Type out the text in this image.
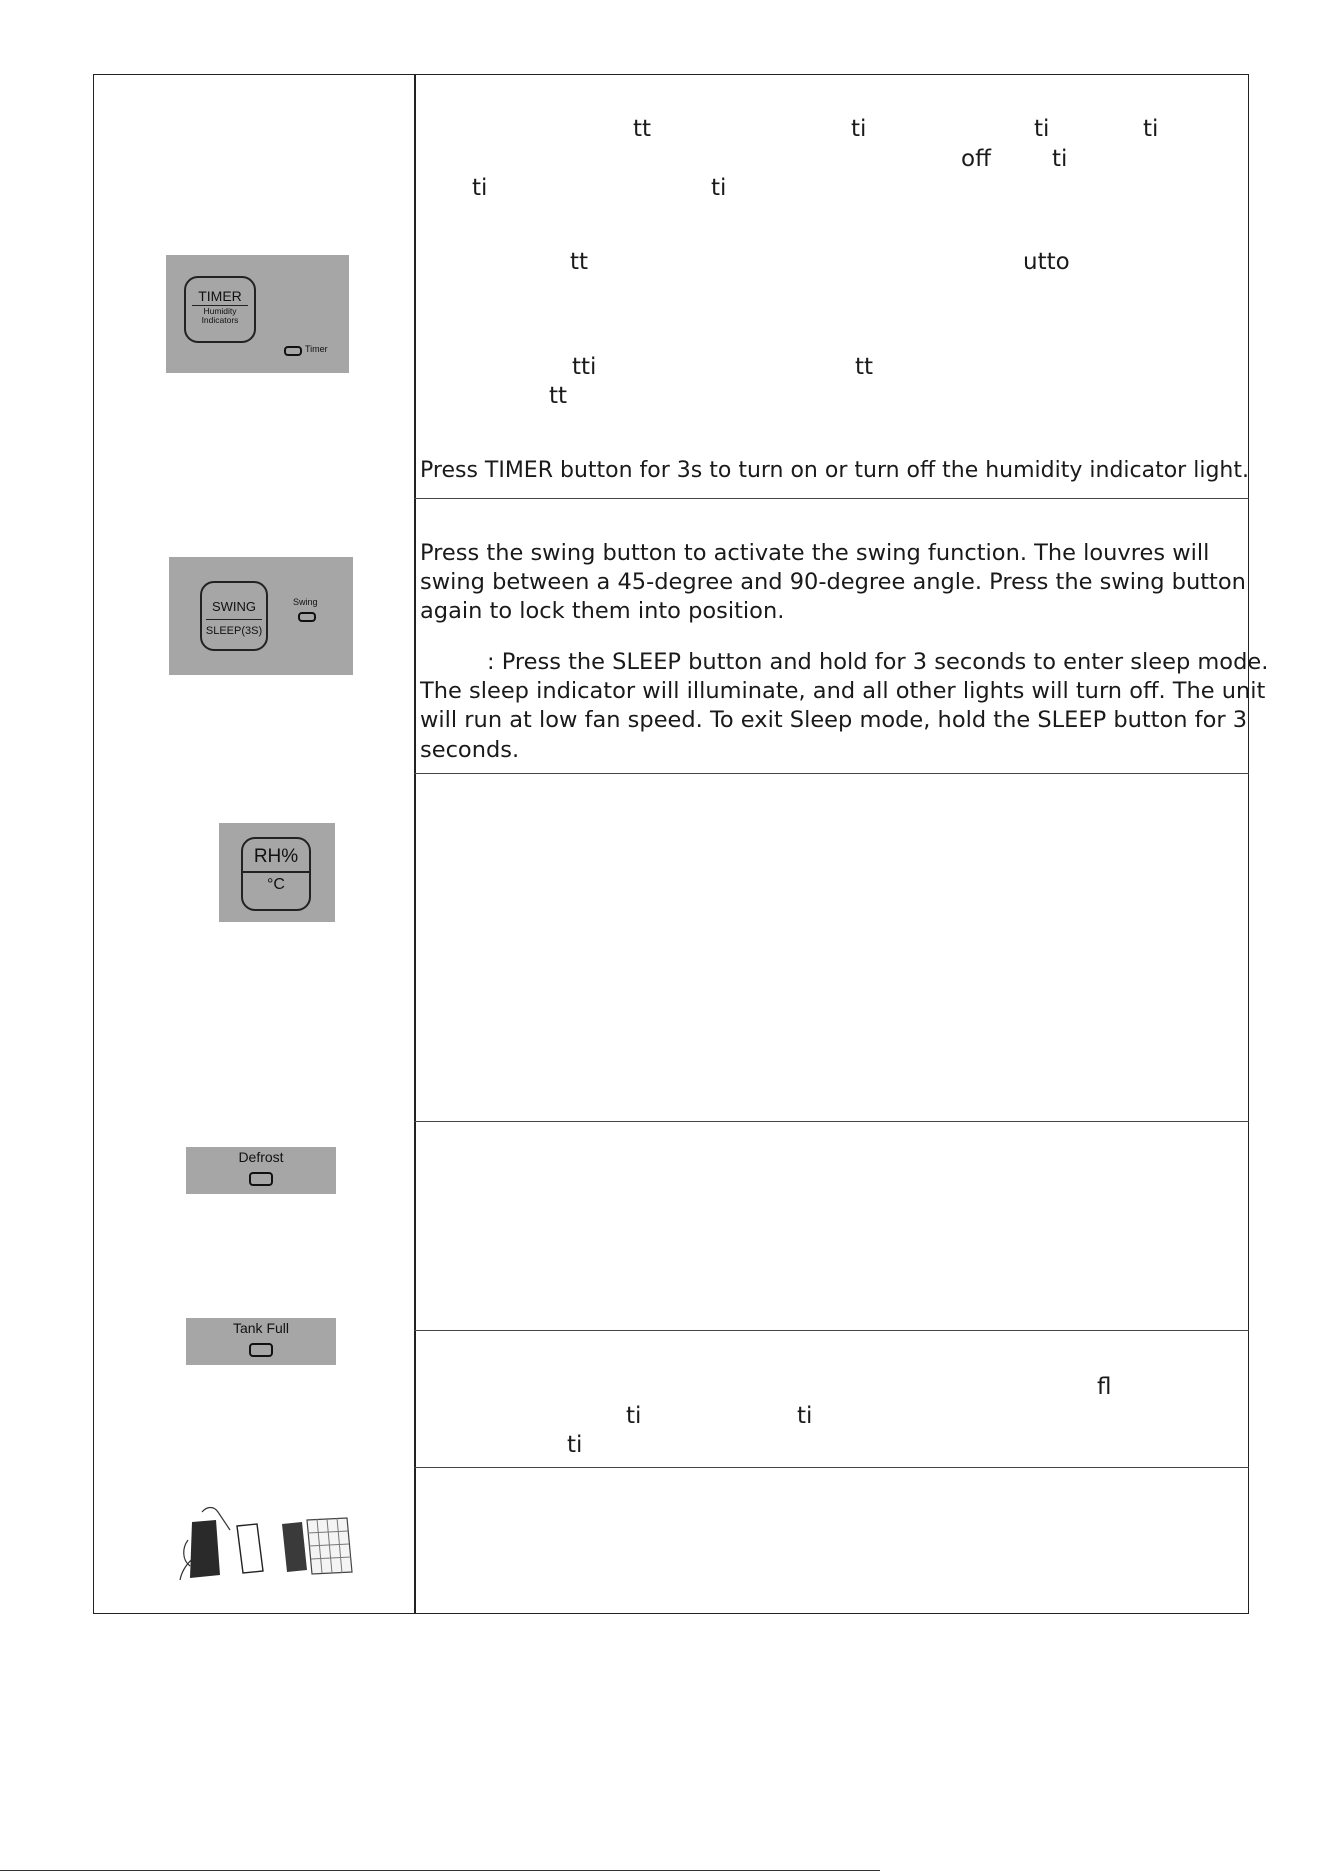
tt	ti	ti	ti
off	ti
ti	ti
tt	utto
tti	tt
tt
Press TIMER button for 3s to turn on or turn off the humidity indicator light.
Press the swing button to activate the swing function. The louvres will
swing between a 45-degree and 90-degree angle. Press the swing button
again to lock them into position.
: Press the SLEEP button and hold for 3 seconds to enter sleep mode.
The sleep indicator will illuminate, and all other lights will turn off. The unit
will run at low fan speed. To exit Sleep mode, hold the SLEEP button for 3
seconds.
fl
ti	ti
ti
TIMER
Humidity
Indicators
Timer
SWING
SLEEP(3S)
Swing
RH%
°C
Defrost
Tank Full
